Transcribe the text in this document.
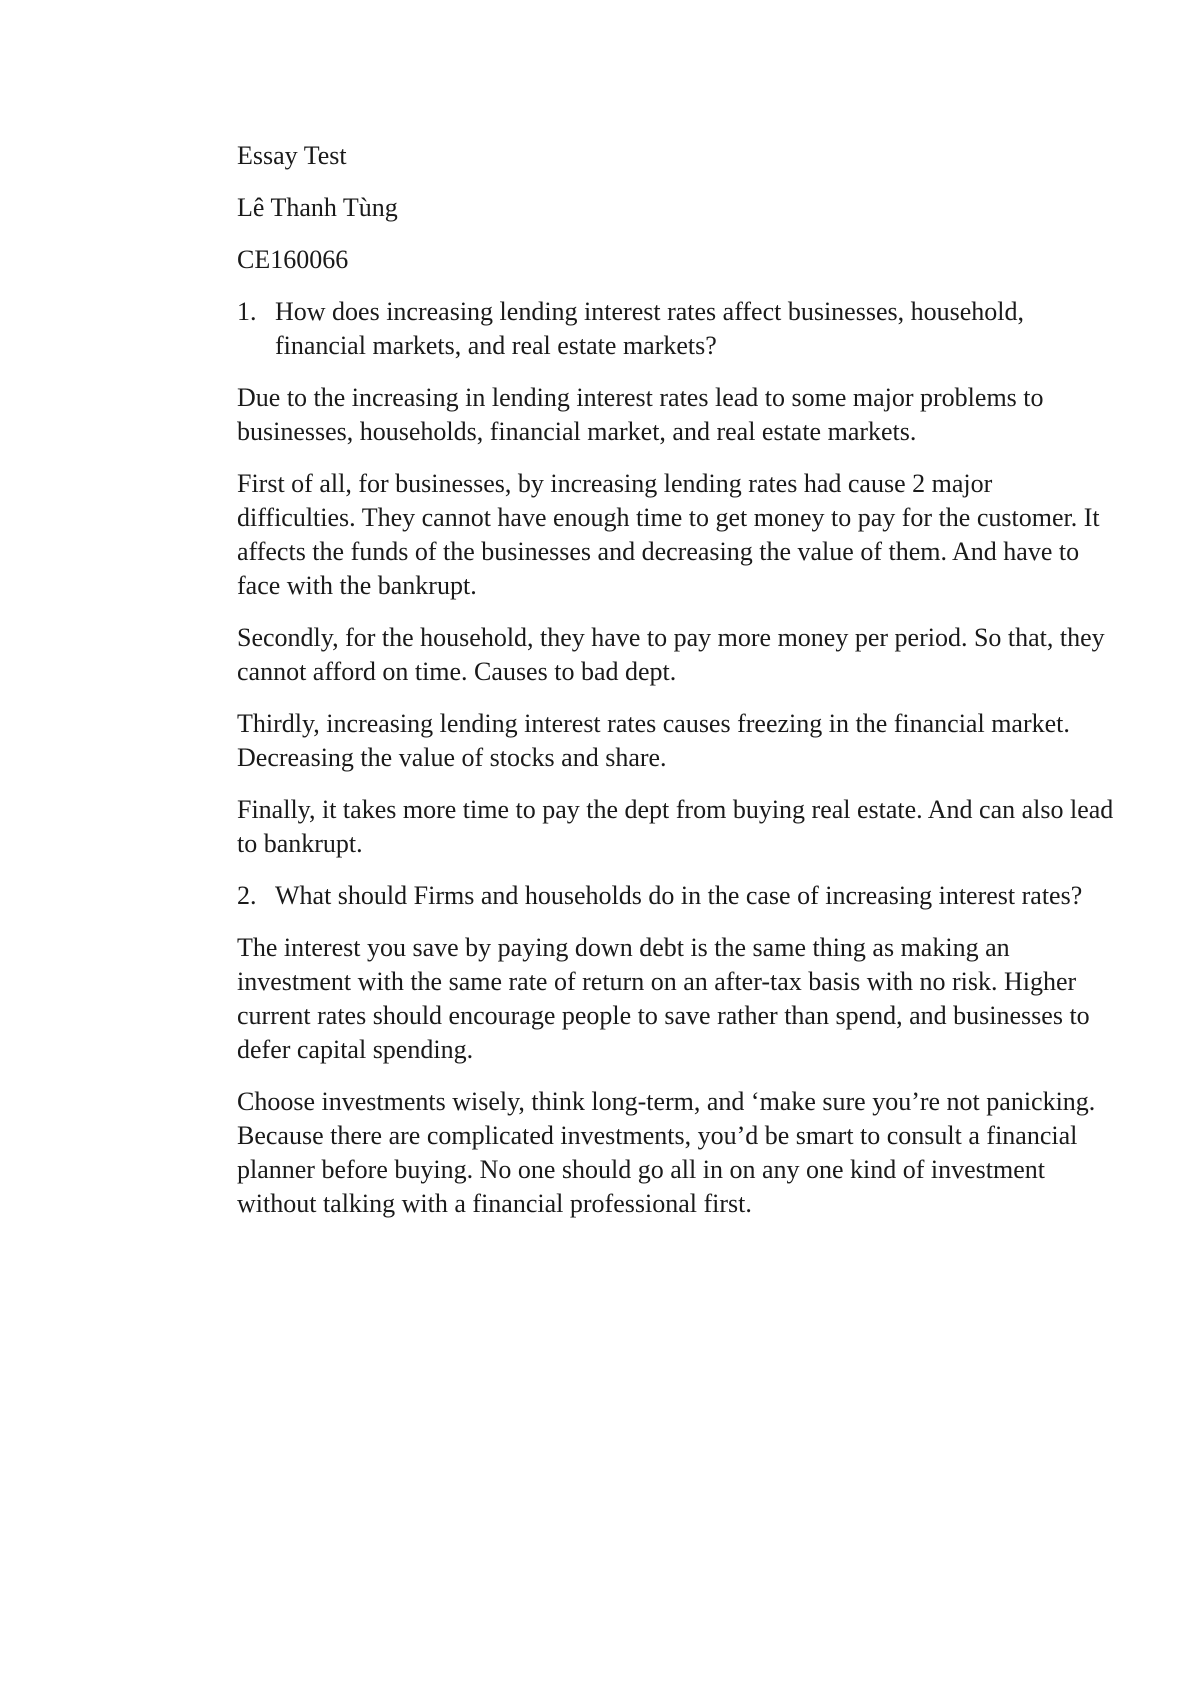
Essay Test
Lê Thanh Tùng
CE160066
1. How does increasing lending interest rates affect businesses, household, financial markets, and real estate markets?

Due to the increasing in lending interest rates lead to some major problems to businesses, households, financial market, and real estate markets.

First of all, for businesses, by increasing lending rates had cause 2 major difficulties. They cannot have enough time to get money to pay for the customer. It affects the funds of the businesses and decreasing the value of them. And have to face with the bankrupt.

Secondly, for the household, they have to pay more money per period. So that, they cannot afford on time. Causes to bad dept.

Thirdly, increasing lending interest rates causes freezing in the financial market. Decreasing the value of stocks and share.

Finally, it takes more time to pay the dept from buying real estate. And can also lead to bankrupt.

2. What should Firms and households do in the case of increasing interest rates?

The interest you save by paying down debt is the same thing as making an investment with the same rate of return on an after-tax basis with no risk. Higher current rates should encourage people to save rather than spend, and businesses to defer capital spending.

Choose investments wisely, think long-term, and ‘make sure you’re not panicking. Because there are complicated investments, you’d be smart to consult a financial planner before buying. No one should go all in on any one kind of investment without talking with a financial professional first.
